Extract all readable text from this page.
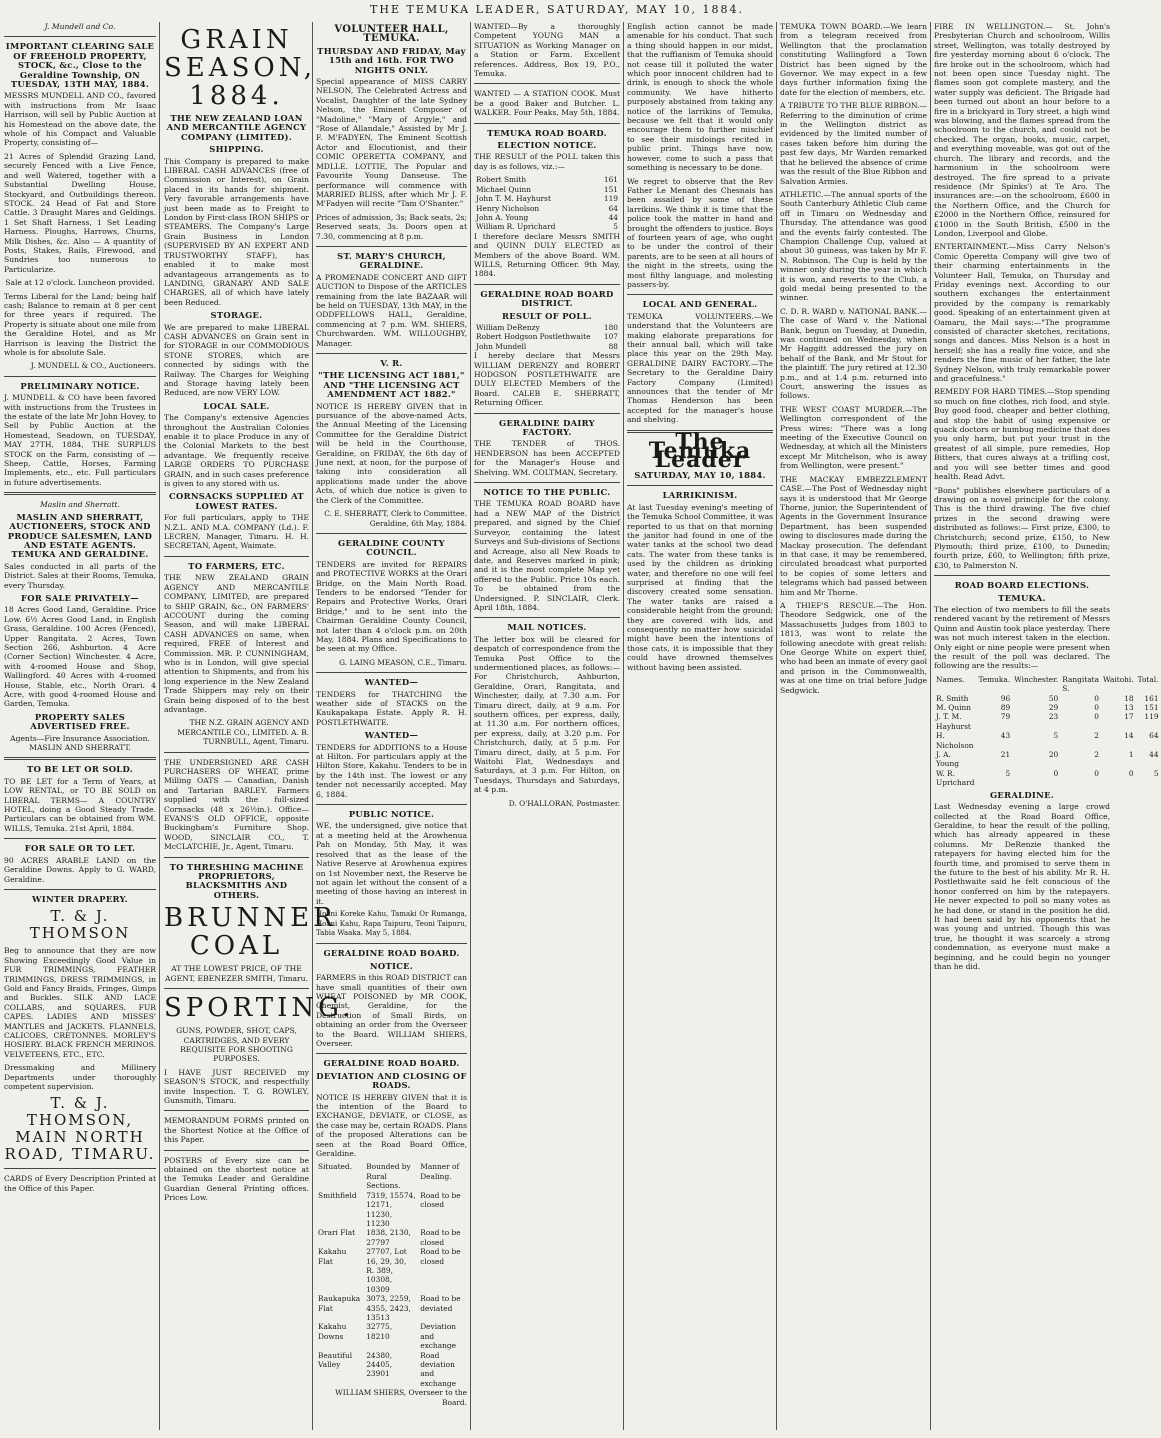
THE TEMUKA LEADER, SATURDAY, MAY 10, 1884.
J. Mundell and Co.
IMPORTANT CLEARING SALE OF FREEHOLD PROPERTY, STOCK, &c., Close to the Geraldine Township, ON TUESDAY, 13TH MAY, 1884.

MESSRS MUNDELL AND CO., favored with instructions from Mr Isaac Harrison, will sell by Public Auction at his Homestead on the above date, the whole of his Compact and Valuable Property, consisting of—

21 Acres of Splendid Grazing Land, securely Fenced with a Live Fence, and well Watered, together with a Substantial Dwelling House, Stockyard, and Outbuildings thereon. STOCK. 24 Head of Fat and Store Cattle. 3 Draught Mares and Geldings. 1 Set Shaft Harness, 1 Set Leading Harness. Ploughs, Harrows, Churns, Milk Dishes, &c. Also — A quantity of Posts, Stakes, Rails, Firewood, and Sundries too numerous to Particularize.

Sale at 12 o'clock. Luncheon provided.

Terms Liberal for the Land; being half cash; Balance to remain at 8 per cent for three years if required. The Property is situate about one mile from the Geraldine Hotel, and as Mr Harrison is leaving the District the whole is for absolute Sale.

J. MUNDELL & CO., Auctioneers.
PRELIMINARY NOTICE.

J. MUNDELL & CO have been favored with instructions from the Trustees in the estate of the late Mr John Hovey, to Sell by Public Auction at the Homestead, Seadown, on TUESDAY, MAY 27TH, 1884, THE SURPLUS STOCK on the Farm, consisting of — Sheep, Cattle, Horses, Farming Implements, etc., etc. Full particulars in future advertisements.

Maslin and Sherratt.
MASLIN AND SHERRATT, AUCTIONEERS, STOCK AND PRODUCE SALESMEN, LAND AND ESTATE AGENTS. TEMUKA AND GERALDINE.

Sales conducted in all parts of the District. Sales at their Rooms, Temuka, every Thursday.

FOR SALE PRIVATELY—

18 Acres Good Land, Geraldine. Price Low. 6½ Acres Good Land, in English Grass, Geraldine. 100 Acres (Fenced), Upper Rangitata. 2 Acres, Town Section 266, Ashburton. 4 Acre (Corner Section) Winchester. 4 Acre, with 4-roomed House and Shop, Wallingford. 40 Acres with 4-roomed House, Stable, etc., North Orari. 4 Acre, with good 4-roomed House and Garden, Temuka.

PROPERTY SALES ADVERTISED FREE.

Agents—Fire Insurance Association. MASLIN AND SHERRATT.

TO BE LET OR SOLD.

TO BE LET for a Term of Years, at LOW RENTAL, or TO BE SOLD on LIBERAL TERMS— A COUNTRY HOTEL, doing a Good Steady Trade. Particulars can be obtained from WM. WILLS, Temuka. 21st April, 1884.

FOR SALE OR TO LET.

90 ACRES ARABLE LAND on the Geraldine Downs. Apply to G. WARD, Geraldine.

WINTER DRAPERY.
T. & J. THOMSON

Beg to announce that they are now Showing Exceedingly Good Value in FUR TRIMMINGS, FEATHER TRIMMINGS, DRESS TRIMMINGS, in Gold and Fancy Braids, Fringes, Gimps and Buckles. SILK AND LACE COLLARS, and SQUARES. FUR CAPES. LADIES AND MISSES' MANTLES and JACKETS. FLANNELS, CALICOES, CRETONNES. MORLEY'S HOSIERY. BLACK FRENCH MERINOS. VELVETEENS, ETC., ETC.

Dressmaking and Millinery Departments under thoroughly competent supervision.

T. & J. THOMSON, MAIN NORTH ROAD, TIMARU.

CARDS of Every Description Printed at the Office of this Paper.

GRAIN SEASON, 1884.
THE NEW ZEALAND LOAN AND MERCANTILE AGENCY COMPANY (LIMITED).
SHIPPING.

This Company is prepared to make LIBERAL CASH ADVANCES (free of Commission or Interest), on Grain placed in its hands for shipment. Very favorable arrangements have just been made as to Freight to London by First-class IRON SHIPS or STEAMERS. The Company's Large Grain Business in London (SUPERVISED BY AN EXPERT AND TRUSTWORTHY STAFF), has enabled it to make most advantageous arrangements as to LANDING, GRANARY AND SALE CHARGES, all of which have lately been Reduced.

STORAGE.

We are prepared to make LIBERAL CASH ADVANCES on Grain sent in for STORAGE in our COMMODIOUS STONE STORES, which are connected by sidings with the Railway. The Charges for Weighing and Storage having lately been Reduced, are now VERY LOW.

LOCAL SALE.

The Company's extensive Agencies throughout the Australian Colonies enable it to place Produce in any of the Colonial Markets to the best advantage. We frequently receive LARGE ORDERS TO PURCHASE GRAIN, and in such cases preference is given to any stored with us.

CORNSACKS SUPPLIED AT LOWEST RATES.

For full particulars, apply to THE N.Z.L. AND M.A. COMPANY (Ld.). F. LECREN, Manager, Timaru. H. H. SECRETAN, Agent, Waimate.

TO FARMERS, ETC.

THE NEW ZEALAND GRAIN AGENCY AND MERCANTILE COMPANY, LIMITED, are prepared to SHIP GRAIN, &c., ON FARMERS' ACCOUNT during the coming Season, and will make LIBERAL CASH ADVANCES on same, when required, FREE of Interest and Commission. MR. P. CUNNINGHAM, who is in London, will give special attention to Shipments, and from his long experience in the New Zealand Trade Shippers may rely on their Grain being disposed of to the best advantage.

THE N.Z. GRAIN AGENCY AND MERCANTILE CO., LIMITED. A. B. TURNBULL, Agent, Timaru.

THE UNDERSIGNED ARE CASH PURCHASERS OF WHEAT, prime Milling OATS — Canadian, Danish and Tartarian BARLEY. Farmers supplied with the full-sized Cornsacks (48 x 26½in.). Office—EVANS'S OLD OFFICE, opposite Buckingham's Furniture Shop. WOOD, SINCLAIR CO., T. McCLATCHIE, Jr., Agent, Timaru.

TO THRESHING MACHINE PROPRIETORS, BLACKSMITHS AND OTHERS.
BRUNNER COAL

AT THE LOWEST PRICE, OF THE AGENT, EBENEZER SMITH, Timaru.

SPORTING.

GUNS, POWDER, SHOT, CAPS, CARTRIDGES, AND EVERY REQUISITE FOR SHOOTING PURPOSES.

I HAVE JUST RECEIVED my SEASON'S STOCK, and respectfully invite Inspection. T. G. ROWLEY, Gunsmith, Timaru.

MEMORANDUM FORMS printed on the Shortest Notice at the Office of this Paper.

POSTERS of Every size can be obtained on the shortest notice at the Temuka Leader and Geraldine Guardian General Printing offices. Prices Low.

VOLUNTEER HALL, TEMUKA.
THURSDAY AND FRIDAY, May 15th and 16th. FOR TWO NIGHTS ONLY.

Special appearance of MISS CARRY NELSON, The Celebrated Actress and Vocalist, Daughter of the late Sydney Nelson, the Eminent Composer of "Madoline," "Mary of Argyle," and "Rose of Allandale," Assisted by Mr J. F. M'FADYEN, The Eminent Scottish Actor and Elocutionist, and their COMIC OPERETTA COMPANY, and MDLLE. LOTTIE, The Popular and Favourite Young Danseuse. The performance will commence with MARRIED BLISS, after which Mr J. F. M'Fadyen will recite "Tam O'Shanter."

Prices of admission, 3s; Back seats, 2s; Reserved seats, 3s. Doors open at 7.30, commencing at 8 p.m.

ST. MARY'S CHURCH, GERALDINE.

A PROMENADE CONCERT AND GIFT AUCTION to Dispose of the ARTICLES remaining from the late BAZAAR will be held on TUESDAY, 13th MAY, in the ODDFELLOWS HALL, Geraldine, commencing at 7 p.m. WM. SHIERS, Churchwarden. WM. WILLOUGHBY, Manager.

V. R.
"THE LICENSING ACT 1881," AND "THE LICENSING ACT AMENDMENT ACT 1882."

NOTICE IS HEREBY GIVEN that in pursuance of the above-named Acts, the Annual Meeting of the Licensing Committee for the Geraldine District will be held in the Courthouse, Geraldine, on FRIDAY, the 6th day of June next, at noon, for the purpose of taking into consideration all applications made under the above Acts, of which due notice is given to the Clerk of the Committee.

C. E. SHERRATT, Clerk to Committee. Geraldine, 6th May, 1884.
GERALDINE COUNTY COUNCIL.

TENDERS are invited for REPAIRS and PROTECTIVE WORKS at the Orari Bridge, on the Main North Road. Tenders to be endorsed "Tender for Repairs and Protective Works, Orari Bridge," and to be sent into the Chairman Geraldine County Council, not later than 4 o'clock p.m. on 20th May, 1884. Plans and Specifications to be seen at my Office.

G. LAING MEASON, C.E., Timaru.
WANTED—

TENDERS for THATCHING the weather side of STACKS on the Kaukapakapa Estate. Apply R. H. POSTLETHWAITE.

WANTED—

TENDERS for ADDITIONS to a House at Hilton. For particulars apply at the Hilton Store, Kakahu. Tenders to be in by the 14th inst. The lowest or any tender not necessarily accepted. May 6, 1884.

PUBLIC NOTICE.

WE, the undersigned, give notice that at a meeting held at the Arowhenua Pah on Monday, 5th May, it was resolved that as the lease of the Native Reserve at Arowhenua expires on 1st November next, the Reserve be not again let without the consent of a meeting of those having an interest in it.

Hoani Koreke Kahu, Tamaki Or Rumanga, Hoani Kahu, Rapa Taipuru, Teoni Taipuru, Tabia Waaka. May 5, 1884.

GERALDINE ROAD BOARD.
NOTICE.

FARMERS in this ROAD DISTRICT can have small quantities of their own WHEAT POISONED by MR COOK, Chemist, Geraldine, for the Destruction of Small Birds, on obtaining an order from the Overseer to the Board. WILLIAM SHIERS, Overseer.

GERALDINE ROAD BOARD.
DEVIATION AND CLOSING OF ROADS.

NOTICE IS HEREBY GIVEN that it is the intention of the Board to EXCHANGE, DEVIATE, or CLOSE, as the case may be, certain ROADS. Plans of the proposed Alterations can be seen at the Road Board Office, Geraldine.

Situated.	Bounded by Rural Sections.	Manner of Dealing.
Smithfield	7319, 15574, 12171, 11230, 11230	Road to be closed
Orari Flat	1838, 2130, 27797	Road to be closed
Kakahu Flat	27707, Lot 16, 29, 30, R. 389, 10308, 10309	Road to be closed
Raukapuka Flat	3073, 2259, 4355, 2423, 13513	Road to be deviated
Kakahu Downs	32775, 18210	Deviation and exchange
Beautiful Valley	24380, 24405, 23901	Road deviation and exchange
WILLIAM SHIERS, Overseer to the Board.

WANTED—By a thoroughly Competent YOUNG MAN a SITUATION as Working Manager on a Station or Farm. Excellent references. Address, Box 19, P.O., Temuka.

WANTED — A STATION COOK. Must be a good Baker and Butcher. L. WALKER. Four Peaks, May 5th, 1884.

TEMUKA ROAD BOARD.
ELECTION NOTICE.

THE RESULT of the POLL taken this day is as follows, viz.:—

Robert Smith	161
Michael Quinn	151
John T. M. Hayhurst	119
Henry Nicholson	64
John A. Young	44
William R. Uprichard	5

I therefore declare Messrs SMITH and QUINN DULY ELECTED as Members of the above Board. WM. WILLS, Returning Officer. 9th May, 1884.

GERALDINE ROAD BOARD DISTRICT.
RESULT OF POLL.
William DeRenzy	180
Robert Hodgson Postlethwaite	107
John Mundell	88

I hereby declare that Messrs WILLIAM DERENZY and ROBERT HODGSON POSTLETHWAITE are DULY ELECTED Members of the Board. CALEB E. SHERRATT, Returning Officer.

GERALDINE DAIRY FACTORY.

THE TENDER of THOS. HENDERSON has been ACCEPTED for the Manager's House and Shelving. WM. COLTMAN, Secretary.

NOTICE TO THE PUBLIC.

THE TEMUKA ROAD BOARD have had a NEW MAP of the District prepared, and signed by the Chief Surveyor, containing the latest Surveys and Sub-divisions of Sections and Acreage, also all New Roads to date, and Reserves marked in pink; and it is the most complete Map yet offered to the Public. Price 10s each. To be obtained from the Undersigned. P. SINCLAIR, Clerk. April 18th, 1884.

MAIL NOTICES.

The letter box will be cleared for despatch of correspondence from the Temuka Post Office to the undermentioned places, as follows:— For Christchurch, Ashburton, Geraldine, Orari, Rangitata, and Winchester, daily, at 7.30 a.m. For Timaru direct, daily, at 9 a.m. For southern offices, per express, daily, at 11.30 a.m. For northern offices, per express, daily, at 3.20 p.m. For Christchurch, daily, at 5 p.m. For Timaru direct, daily, at 5 p.m. For Waitohi Flat, Wednesdays and Saturdays, at 3 p.m. For Hilton, on Tuesdays, Thursdays and Saturdays, at 4 p.m.

D. O'HALLORAN, Postmaster.

English action cannot be made amenable for his conduct. That such a thing should happen in our midst, that the ruffianism of Temuka should not cease till it polluted the water which poor innocent children had to drink, is enough to shock the whole community. We have hitherto purposely abstained from taking any notice of the larrikins of Temuka, because we felt that it would only encourage them to further mischief to see their misdoings recited in public print. Things have now, however, come to such a pass that something is necessary to be done.

We regret to observe that the Rev Father Le Menant des Chesnais has been assailed by some of these larrikins. We think it is time that the police took the matter in hand and brought the offenders to justice. Boys of fourteen years of age, who ought to be under the control of their parents, are to be seen at all hours of the night in the streets, using the most filthy language, and molesting passers-by.

LOCAL AND GENERAL.

TEMUKA VOLUNTEERS.—We understand that the Volunteers are making elaborate preparations for their annual ball, which will take place this year on the 29th May. GERALDINE DAIRY FACTORY.—The Secretary to the Geraldine Dairy Factory Company (Limited) announces that the tender of Mr Thomas Henderson has been accepted for the manager's house and shelving.

The Temuka Leader
SATURDAY, MAY 10, 1884.
LARRIKINISM.

At last Tuesday evening's meeting of the Temuka School Committee, it was reported to us that on that morning the janitor had found in one of the water tanks at the school two dead cats. The water from these tanks is used by the children as drinking water, and therefore no one will feel surprised at finding that the discovery created some sensation. The water tanks are raised a considerable height from the ground; they are covered with lids, and consequently no matter how suicidal might have been the intentions of those cats, it is impossible that they could have drowned themselves without having been assisted.

TEMUKA TOWN BOARD.—We learn from a telegram received from Wellington that the proclamation constituting Wallingford a Town District has been signed by the Governor. We may expect in a few days further information fixing the date for the election of members, etc.

A TRIBUTE TO THE BLUE RIBBON.—Referring to the diminution of crime in the Wellington district as evidenced by the limited number of cases taken before him during the past few days, Mr Warden remarked that he believed the absence of crime was the result of the Blue Ribbon and Salvation Armies.

ATHLETIC.—The annual sports of the South Canterbury Athletic Club came off in Timaru on Wednesday and Thursday. The attendance was good and the events fairly contested. The Champion Challenge Cup, valued at about 30 guineas, was taken by Mr F. N. Robinson. The Cup is held by the winner only during the year in which it is won, and reverts to the Club, a gold medal being presented to the winner.

C. D. R. WARD v. NATIONAL BANK.—The case of Ward v. the National Bank, begun on Tuesday, at Dunedin, was continued on Wednesday, when Mr Haggitt addressed the jury on behalf of the Bank, and Mr Stout for the plaintiff. The jury retired at 12.30 p.m., and at 1.4 p.m. returned into Court, answering the issues as follows.

THE WEST COAST MURDER.—The Wellington correspondent of the Press wires: "There was a long meeting of the Executive Council on Wednesday, at which all the Ministers except Mr Mitchelson, who is away from Wellington, were present."

THE MACKAY EMBEZZLEMENT CASE.—The Post of Wednesday night says it is understood that Mr George Thorne, junior, the Superintendent of Agents in the Government Insurance Department, has been suspended owing to disclosures made during the Mackay prosecution. The defendant in that case, it may be remembered, circulated broadcast what purported to be copies of some letters and telegrams which had passed between him and Mr Thorne.

A THIEF'S RESCUE.—The Hon. Theodore Sedgwick, one of the Massachusetts Judges from 1803 to 1813, was wont to relate the following anecdote with great relish: One George White on expert thief, who had been an inmate of every gaol and prison in the Commonwealth, was at one time on trial before Judge Sedgwick.

FIRE IN WELLINGTON.— St. John's Presbyterian Church and schoolroom, Willis street, Wellington, was totally destroyed by fire yesterday morning about 6 o'clock. The fire broke out in the schoolroom, which had not been open since Tuesday night. The flames soon got complete mastery, and the water supply was deficient. The Brigade had been turned out about an hour before to a fire in a brickyard in Tory street, a high wind was blowing, and the flames spread from the schoolroom to the church, and could not be checked. The organ, books, music, carpet, and everything moveable, was got out of the church. The library and records, and the harmonium in the schoolroom were destroyed. The fire spread to a private residence (Mr Spinks') at Te Aro. The insurances are:—on the schoolroom, £600 in the Northern Office, and the Church for £2000 in the Northern Office, reinsured for £1000 in the South British, £500 in the London, Liverpool and Globe.

ENTERTAINMENT.—Miss Carry Nelson's Comic Operetta Company will give two of their charming entertainments in the Volunteer Hall, Temuka, on Thursday and Friday evenings next. According to our southern exchanges the entertainment provided by the company is remarkably good. Speaking of an entertainment given at Oamaru, the Mail says:—"The programme consisted of character sketches, recitations, songs and dances. Miss Nelson is a host in herself; she has a really fine voice, and she renders the fine music of her father, the late Sydney Nelson, with truly remarkable power and gracefulness."

REMEDY FOR HARD TIMES.—Stop spending so much on fine clothes, rich food, and style. Buy good food, cheaper and better clothing, and stop the habit of using expensive or quack doctors or humbug medicine that does you only harm, but put your trust in the greatest of all simple, pure remedies, Hop Bitters, that cures always at a trifling cost, and you will see better times and good health. Read Advt.

"Bons" publishes elsewhere particulars of a drawing on a novel principle for the colony. This is the third drawing. The five chief prizes in the second drawing were distributed as follows:— First prize, £300, to Christchurch; second prize, £150, to New Plymouth; third prize, £100, to Dunedin; fourth prize, £60, to Wellington; fifth prize, £30, to Palmerston N.

ROAD BOARD ELECTIONS.
TEMUKA.

The election of two members to fill the seats rendered vacant by the retirement of Messrs Quinn and Austin took place yesterday. There was not much interest taken in the election. Only eight or nine people were present when the result of the poll was declared. The following are the results:—

Names.	Temuka.	Winchester.	Rangitata S.	Waitohi.	Total.
R. Smith	96	50	0	18	161
M. Quinn	89	29	0	13	151
J. T. M. Hayhurst	79	23	0	17	119
H. Nicholson	43	5	2	14	64
J. A. Young	21	20	2	1	44
W. R. Uprichard	5	0	0	0	5
GERALDINE.

Last Wednesday evening a large crowd collected at the Road Board Office, Geraldine, to hear the result of the polling, which has already appeared in these columns. Mr DeRenzie thanked the ratepayers for having elected him for the fourth time, and promised to serve them in the future to the best of his ability. Mr R. H. Postlethwaite said he felt conscious of the honor conferred on him by the ratepayers. He never expected to poll so many votes as he had done, or stand in the position he did. It had been said by his opponents that he was young and untried. Though this was true, he thought it was scarcely a strong condemnation, as everyone must make a beginning, and he could begin no younger than he did.
